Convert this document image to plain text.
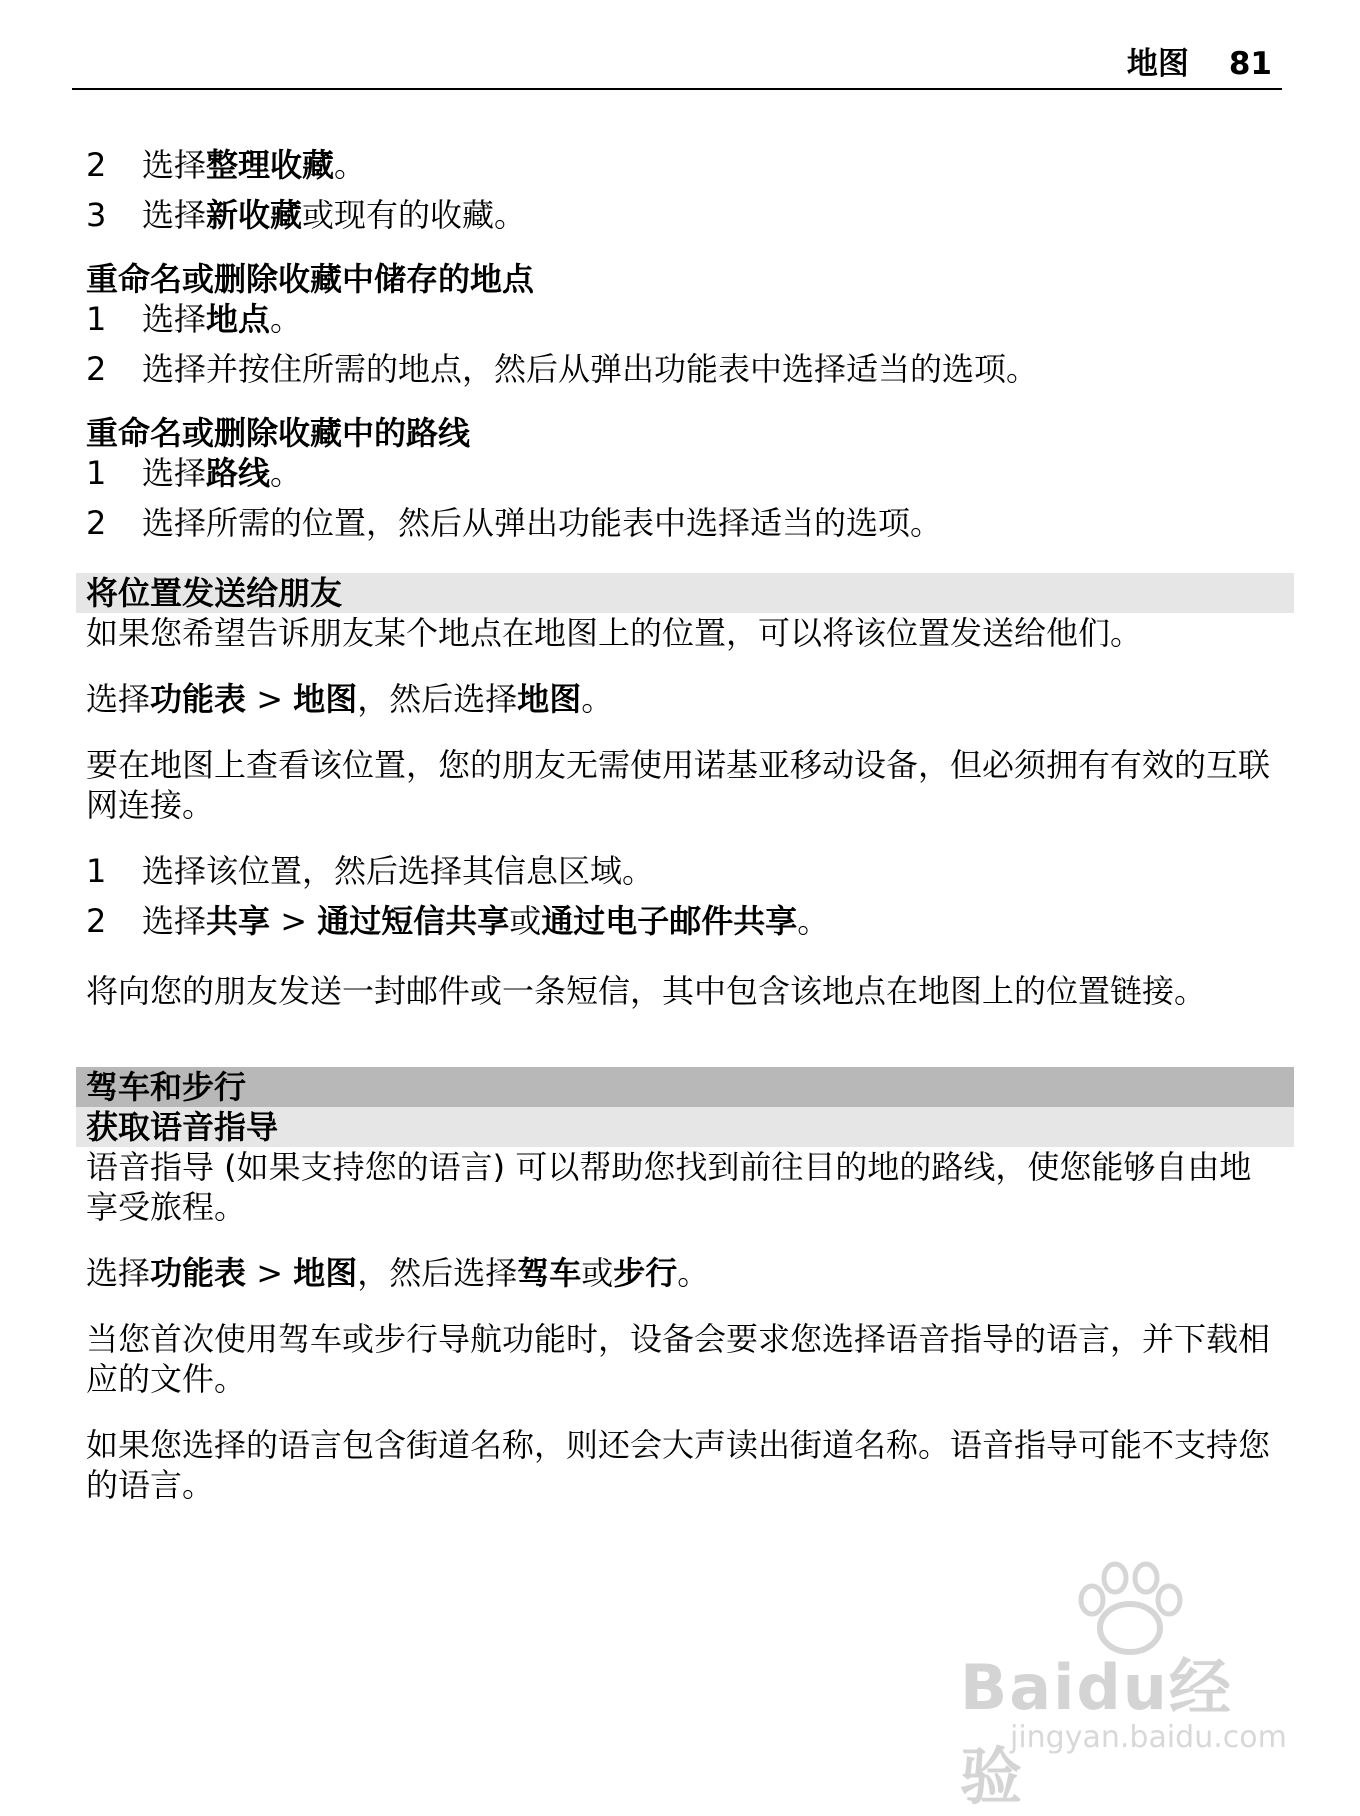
地图 81
2	选择整理收藏。
3	选择新收藏或现有的收藏。
重命名或删除收藏中储存的地点
1	选择地点。
2	选择并按住所需的地点，然后从弹出功能表中选择适当的选项。
重命名或删除收藏中的路线
1	选择路线。
2	选择所需的位置，然后从弹出功能表中选择适当的选项。
将位置发送给朋友

如果您希望告诉朋友某个地点在地图上的位置，可以将该位置发送给他们。

选择功能表 > 地图，然后选择地图。

要在地图上查看该位置，您的朋友无需使用诺基亚移动设备，但必须拥有有效的互联网连接。

1	选择该位置，然后选择其信息区域。
2	选择共享 > 通过短信共享或通过电子邮件共享。

将向您的朋友发送一封邮件或一条短信，其中包含该地点在地图上的位置链接。

驾车和步行
获取语音指导

语音指导 (如果支持您的语言) 可以帮助您找到前往目的地的路线，使您能够自由地享受旅程。

选择功能表 > 地图，然后选择驾车或步行。

当您首次使用驾车或步行导航功能时，设备会要求您选择语音指导的语言，并下载相应的文件。

如果您选择的语言包含街道名称，则还会大声读出街道名称。语音指导可能不支持您的语言。

Baidu经验
jingyan.baidu.com
